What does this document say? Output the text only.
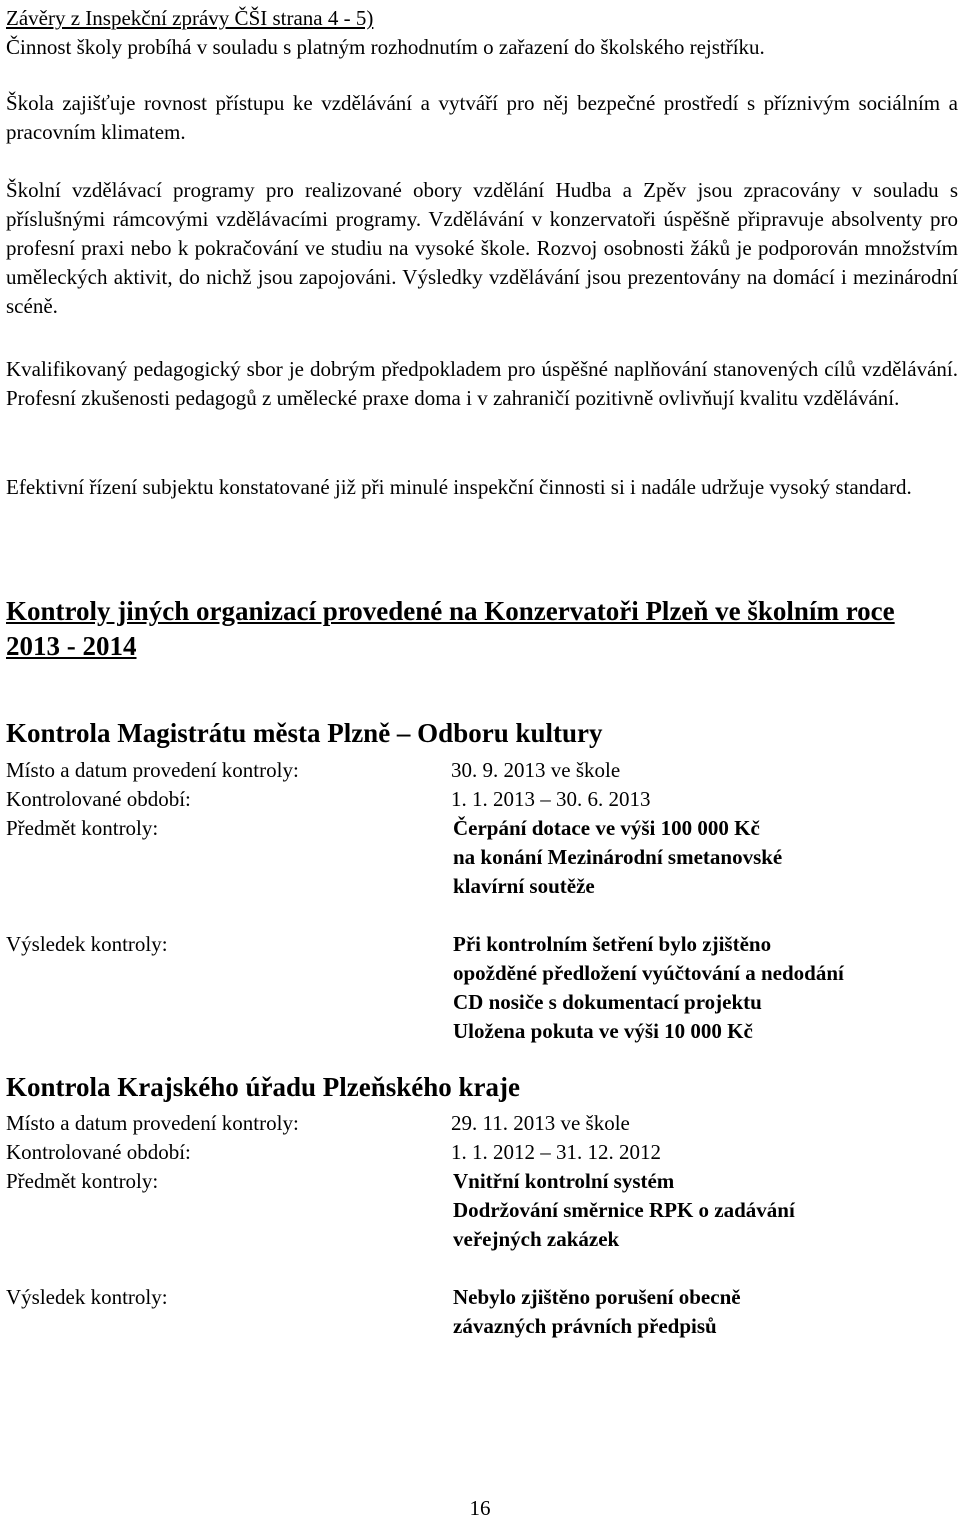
Závěry z Inspekční zprávy ČŠI strana 4 - 5)
Činnost školy probíhá v souladu s platným rozhodnutím o zařazení do školského rejstříku.

Škola zajišťuje rovnost přístupu ke vzdělávání a vytváří pro něj bezpečné prostředí s příznivým sociálním a pracovním klimatem.

Školní vzdělávací programy pro realizované obory vzdělání Hudba a Zpěv jsou zpracovány v souladu s příslušnými rámcovými vzdělávacími programy. Vzdělávání v konzervatoři úspěšně připravuje absolventy pro profesní praxi nebo k pokračování ve studiu na vysoké škole. Rozvoj osobnosti žáků je podporován množstvím uměleckých aktivit, do nichž jsou zapojováni. Výsledky vzdělávání jsou prezentovány na domácí i mezinárodní scéně.

Kvalifikovaný pedagogický sbor je dobrým předpokladem pro úspěšné naplňování stanovených cílů vzdělávání. Profesní zkušenosti pedagogů z umělecké praxe doma i v zahraničí pozitivně ovlivňují kvalitu vzdělávání.

Efektivní řízení subjektu konstatované již při minulé inspekční činnosti si i nadále udržuje vysoký standard.

Kontroly jiných organizací provedené na Konzervatoři Plzeň ve školním roce 2013 - 2014
Kontrola Magistrátu města Plzně – Odboru kultury
Místo a datum provedení kontroly:	30. 9. 2013 ve škole
Kontrolované období:	1. 1. 2013 – 30. 6. 2013
Předmět kontroly:	Čerpání dotace ve výši 100 000 Kč
na konání Mezinárodní smetanovské
klavírní soutěže
Výsledek kontroly:	Při kontrolním šetření bylo zjištěno
opožděné předložení vyúčtování a nedodání
CD nosiče s dokumentací projektu
Uložena pokuta ve výši 10 000 Kč
Kontrola Krajského úřadu Plzeňského kraje
Místo a datum provedení kontroly:	29. 11. 2013 ve škole
Kontrolované období:	1. 1. 2012 – 31. 12. 2012
Předmět kontroly:	Vnitřní kontrolní systém
Dodržování směrnice RPK o zadávání
veřejných zakázek
Výsledek kontroly:	Nebylo zjištěno porušení obecně
závazných právních předpisů
16
